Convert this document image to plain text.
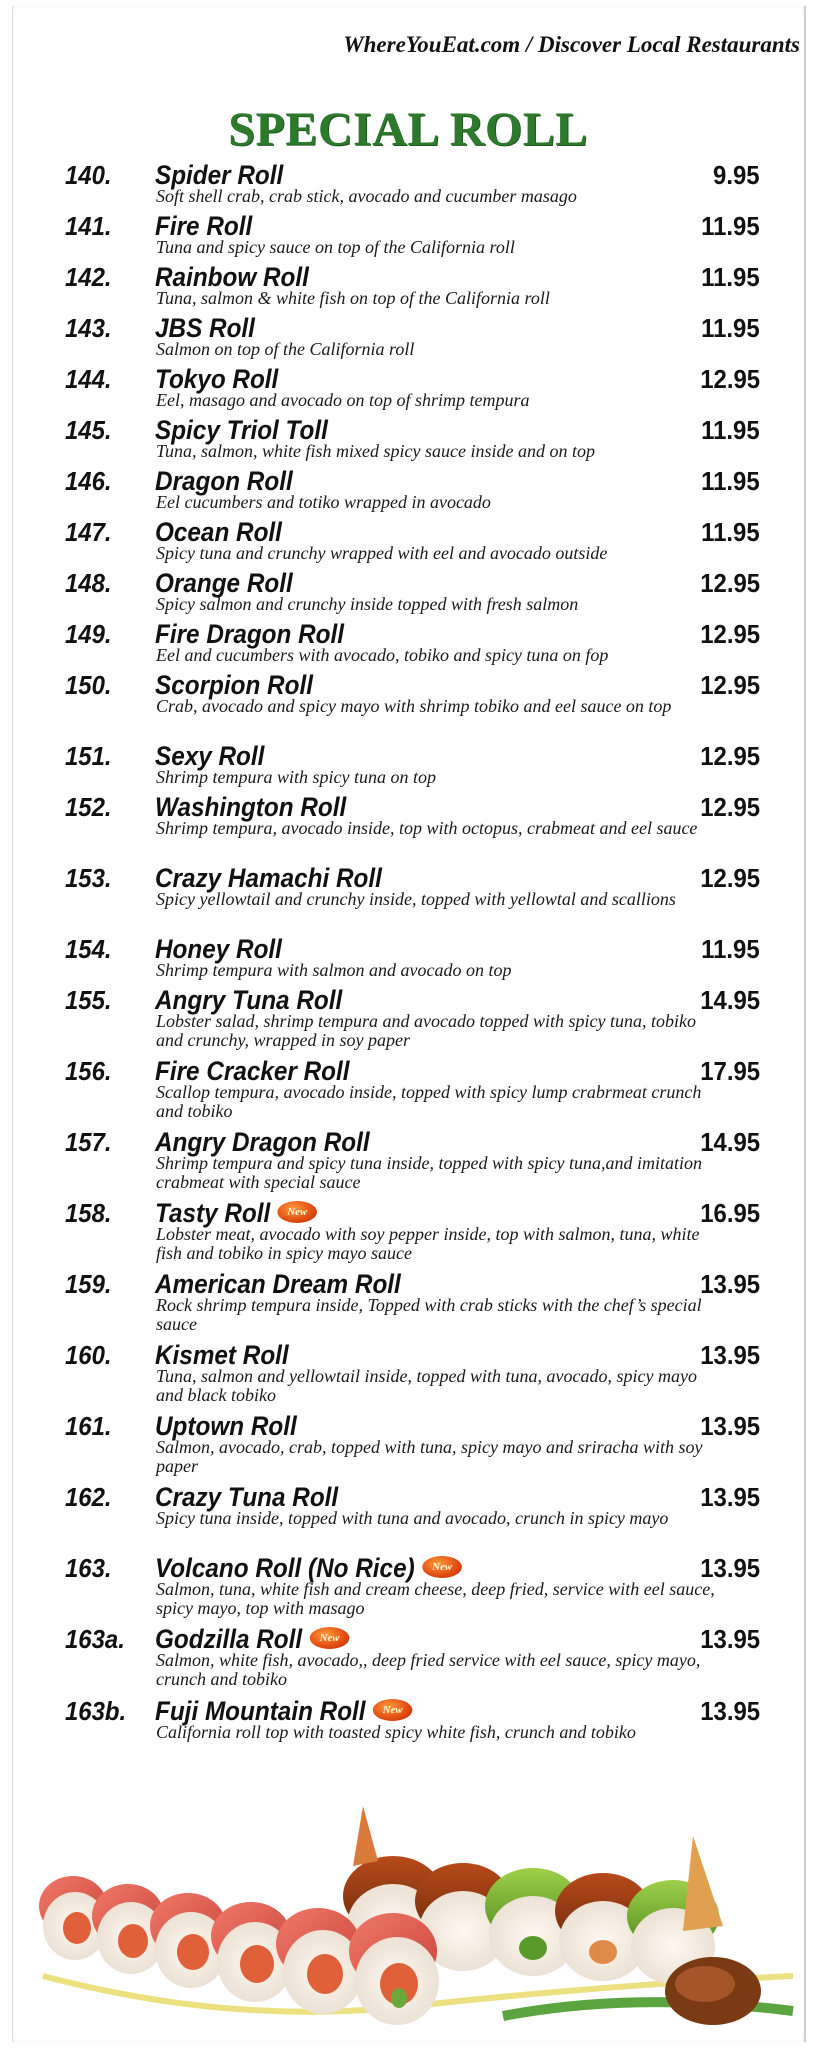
WhereYouEat.com / Discover Local Restaurants
SPECIAL ROLL
140. Spider Roll	9.95
Soft shell crab, crab stick, avocado and cucumber masago
141. Fire Roll	11.95
Tuna and spicy sauce on top of the California roll
142. Rainbow Roll	11.95
Tuna, salmon & white fish on top of the California roll
143. JBS Roll	11.95
Salmon on top of the California roll
144. Tokyo Roll	12.95
Eel, masago and avocado on top of shrimp tempura
145. Spicy Triol Toll	11.95
Tuna, salmon, white fish mixed spicy sauce inside and on top
146. Dragon Roll	11.95
Eel cucumbers and totiko wrapped in avocado
147. Ocean Roll	11.95
Spicy tuna and crunchy wrapped with eel and avocado outside
148. Orange Roll	12.95
Spicy salmon and crunchy inside topped with fresh salmon
149. Fire Dragon Roll	12.95
Eel and cucumbers with avocado, tobiko and spicy tuna on fop
150. Scorpion Roll	12.95
Crab, avocado and spicy mayo with shrimp tobiko and eel sauce on top
151. Sexy Roll	12.95
Shrimp tempura with spicy tuna on top
152. Washington Roll	12.95
Shrimp tempura, avocado inside, top with octopus, crabmeat and eel sauce
153. Crazy Hamachi Roll	12.95
Spicy yellowtail and crunchy inside, topped with yellowtal and scallions
154. Honey Roll	11.95
Shrimp tempura with salmon and avocado on top
155. Angry Tuna Roll	14.95
Lobster salad, shrimp tempura and avocado topped with spicy tuna, tobiko and crunchy, wrapped in soy paper
156. Fire Cracker Roll	17.95
Scallop tempura, avocado inside, topped with spicy lump crabrmeat crunch and tobiko
157. Angry Dragon Roll	14.95
Shrimp tempura and spicy tuna inside, topped with spicy tuna,and imitation crabmeat with special sauce
158. Tasty Roll New	16.95
Lobster meat, avocado with soy pepper inside, top with salmon, tuna, white fish and tobiko in spicy mayo sauce
159. American Dream Roll	13.95
Rock shrimp tempura inside, Topped with crab sticks with the chef’s special sauce
160. Kismet Roll	13.95
Tuna, salmon and yellowtail inside, topped with tuna, avocado, spicy mayo and black tobiko
161. Uptown Roll	13.95
Salmon, avocado, crab, topped with tuna, spicy mayo and sriracha with soy paper
162. Crazy Tuna Roll	13.95
Spicy tuna inside, topped with tuna and avocado, crunch in spicy mayo
163. Volcano Roll (No Rice) New	13.95
Salmon, tuna, white fish and cream cheese, deep fried, service with eel sauce, spicy mayo, top with masago
163a. Godzilla Roll New	13.95
Salmon, white fish, avocado,, deep fried service with eel sauce, spicy mayo, crunch and tobiko
163b. Fuji Mountain Roll New	13.95
California roll top with toasted spicy white fish, crunch and tobiko
